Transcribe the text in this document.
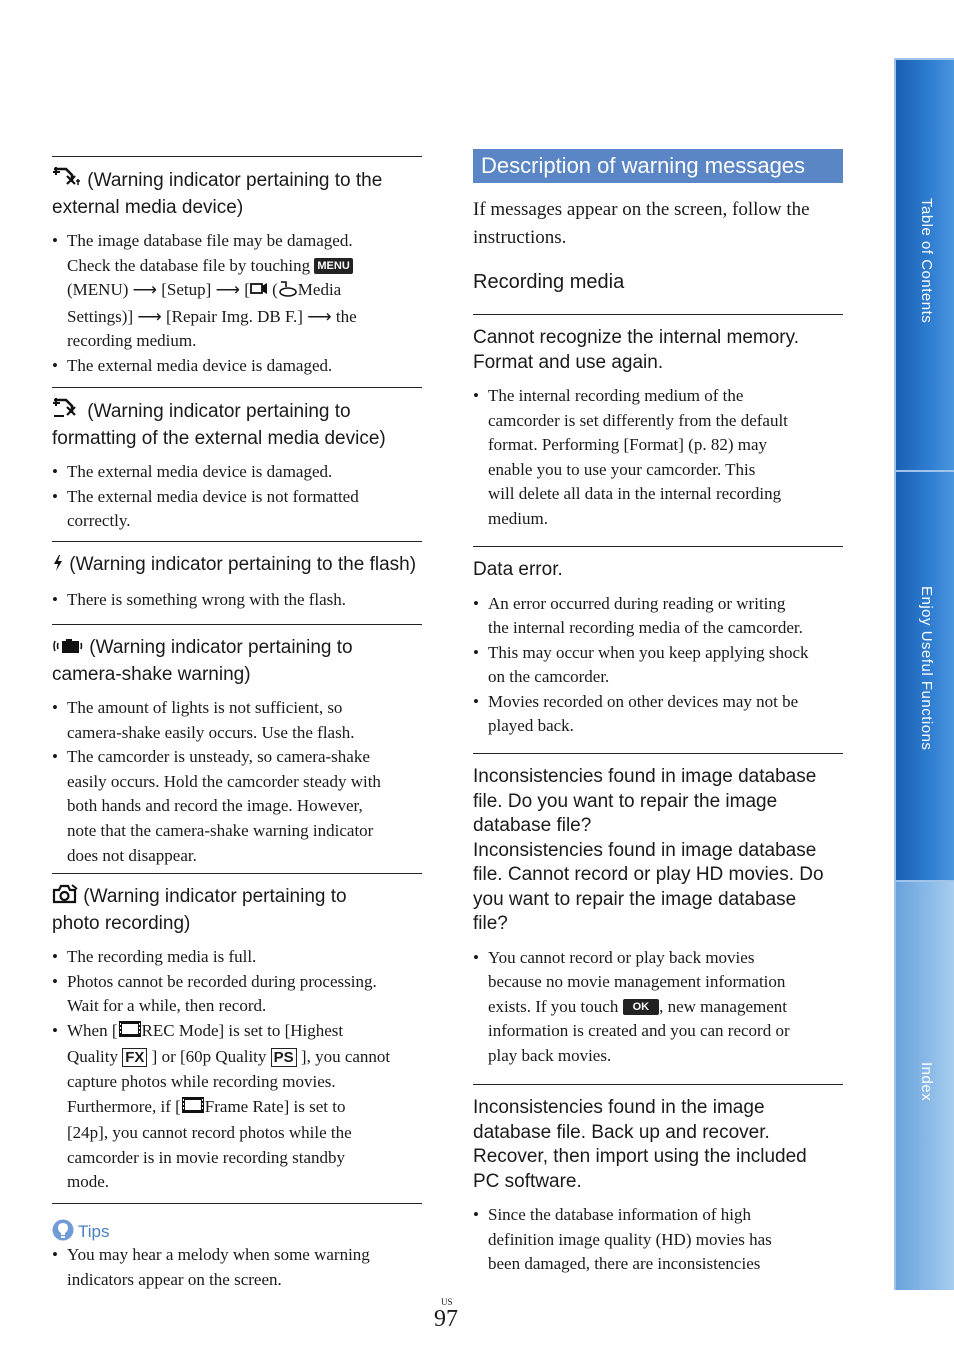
(Warning indicator pertaining to the
external media device)
• The image database file may be damaged.
Check the database file by touching MENU
(MENU) ⟶ [Setup] ⟶ [ ( Media
Settings)] ⟶ [Repair Img. DB F.] ⟶ the
recording medium.
• The external media device is damaged.
(Warning indicator pertaining to
formatting of the external media device)
• The external media device is damaged.
• The external media device is not formatted
correctly.
(Warning indicator pertaining to the flash)
• There is something wrong with the flash.
(Warning indicator pertaining to
camera-shake warning)
• The amount of lights is not sufficient, so
camera-shake easily occurs. Use the flash.
• The camcorder is unsteady, so camera-shake
easily occurs. Hold the camcorder steady with
both hands and record the image. However,
note that the camera-shake warning indicator
does not disappear.
(Warning indicator pertaining to
photo recording)
• The recording media is full.
• Photos cannot be recorded during processing.
Wait for a while, then record.
• When [ REC Mode] is set to [Highest
Quality FX ] or [60p Quality PS ], you cannot
capture photos while recording movies.
Furthermore, if [ Frame Rate] is set to
[24p], you cannot record photos while the
camcorder is in movie recording standby
mode.
Tips
• You may hear a melody when some warning
indicators appear on the screen.
Description of warning messages
If messages appear on the screen, follow the
instructions.
Recording media
Cannot recognize the internal memory.
Format and use again.
• The internal recording medium of the
camcorder is set differently from the default
format. Performing [Format] (p. 82) may
enable you to use your camcorder. This
will delete all data in the internal recording
medium.
Data error.
• An error occurred during reading or writing
the internal recording media of the camcorder.
• This may occur when you keep applying shock
on the camcorder.
• Movies recorded on other devices may not be
played back.
Inconsistencies found in image database
file. Do you want to repair the image
database file?
Inconsistencies found in image database
file. Cannot record or play HD movies. Do
you want to repair the image database
file?
• You cannot record or play back movies
because no movie management information
exists. If you touch OK , new management
information is created and you can record or
play back movies.
Inconsistencies found in the image
database file. Back up and recover.
Recover, then import using the included
PC software.
• Since the database information of high
definition image quality (HD) movies has
been damaged, there are inconsistencies
Table of Contents
Enjoy Useful Functions
Index
US
97
